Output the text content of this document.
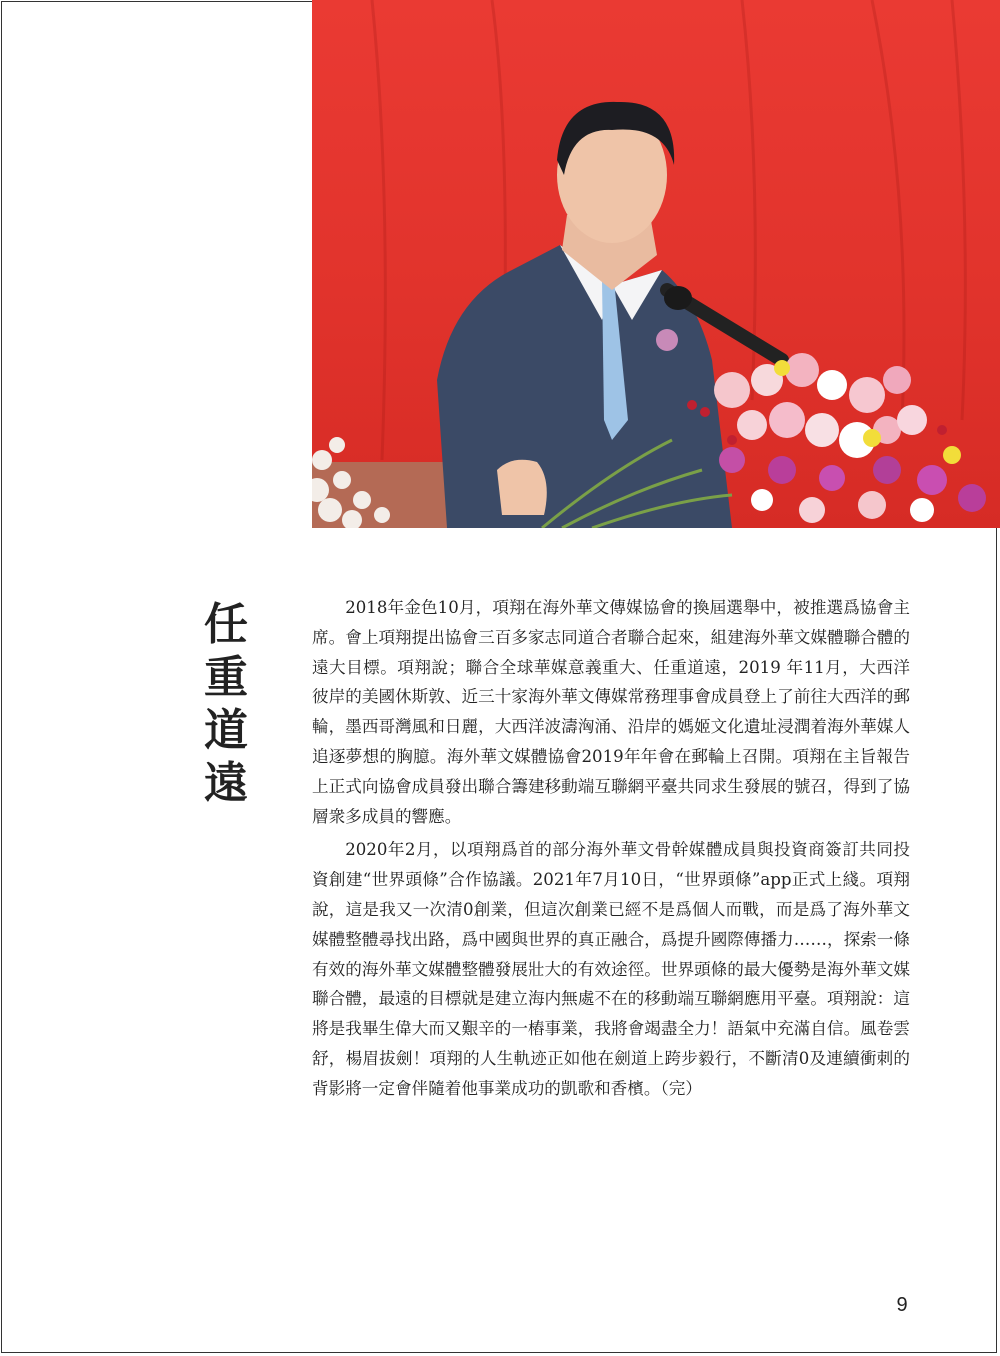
任
重
道
遠

2018年金色10月，項翔在海外華文傳媒協會的換屆選舉中，被推選爲協會主席。會上項翔提出協會三百多家志同道合者聯合起來，組建海外華文媒體聯合體的遠大目標。項翔說；聯合全球華媒意義重大、任重道遠，2019 年11月，大西洋彼岸的美國休斯敦、近三十家海外華文傳媒常務理事會成員登上了前往大西洋的郵輪，墨西哥灣風和日麗，大西洋波濤洶涌、沿岸的媽姬文化遺址浸潤着海外華媒人追逐夢想的胸臆。海外華文媒體協會2019年年會在郵輪上召開。項翔在主旨報告上正式向協會成員發出聯合籌建移動端互聯網平臺共同求生發展的號召，得到了協層衆多成員的響應。

2020年2月，以項翔爲首的部分海外華文骨幹媒體成員與投資商簽訂共同投資創建“世界頭條”合作協議。2021年7月10日，“世界頭條”app正式上綫。項翔說，這是我又一次清0創業，但這次創業已經不是爲個人而戰，而是爲了海外華文媒體整體尋找出路，爲中國與世界的真正融合，爲提升國際傳播力……，探索一條有效的海外華文媒體整體發展壯大的有效途徑。世界頭條的最大優勢是海外華文媒聯合體，最遠的目標就是建立海内無處不在的移動端互聯網應用平臺。項翔說：這將是我畢生偉大而又艱辛的一樁事業，我將會竭盡全力！語氣中充滿自信。風卷雲舒，楊眉拔劍！項翔的人生軌迹正如他在劍道上跨步毅行，不斷清0及連續衝刺的背影將一定會伴隨着他事業成功的凱歌和香檳。（完）

9
